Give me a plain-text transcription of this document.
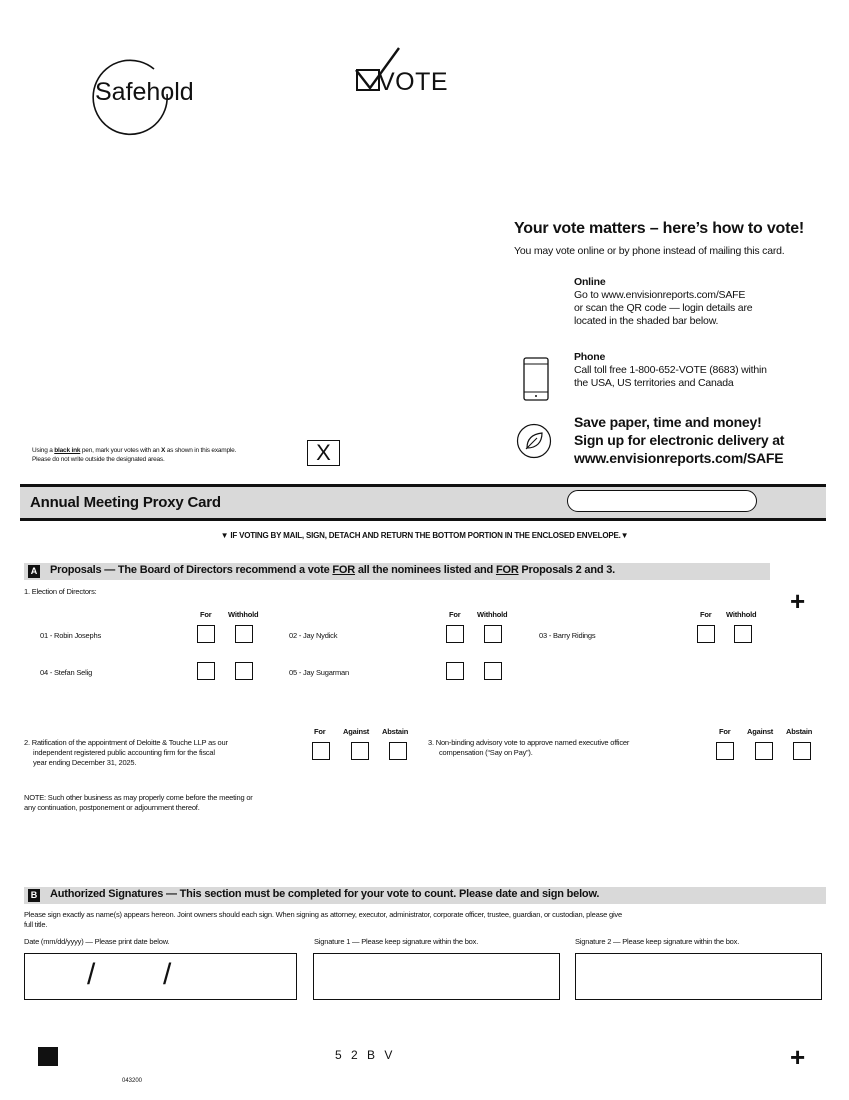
Safehold	VOTE
Your vote matters – here’s how to vote!
You may vote online or by phone instead of mailing this card.
Online
Go to www.envisionreports.com/SAFE
or scan the QR code — login details are
located in the shaded bar below.
Phone
Call toll free 1-800-652-VOTE (8683) within
the USA, US territories and Canada
Save paper, time and money!
Sign up for electronic delivery at
www.envisionreports.com/SAFE
Using a black ink pen, mark your votes with an X as shown in this example.
Please do not write outside the designated areas.	X
Annual Meeting Proxy Card
▼ IF VOTING BY MAIL, SIGN, DETACH AND RETURN THE BOTTOM PORTION IN THE ENCLOSED ENVELOPE.▼
A Proposals — The Board of Directors recommend a vote FOR all the nominees listed and FOR Proposals 2 and 3.
1. Election of Directors:	+
For Withhold	For Withhold	For Withhold
01 - Robin Josephs	02 - Jay Nydick	03 - Barry Ridings
04 - Stefan Selig	05 - Jay Sugarman
2. Ratification of the appointment of Deloitte & Touche LLP as our
independent registered public accounting firm for the fiscal
year ending December 31, 2025.
For Against Abstain
3. Non-binding advisory vote to approve named executive officer
compensation (“Say on Pay”).
For Against Abstain
NOTE: Such other business as may properly come before the meeting or
any continuation, postponement or adjournment thereof.
B Authorized Signatures — This section must be completed for your vote to count. Please date and sign below.
Please sign exactly as name(s) appears hereon. Joint owners should each sign. When signing as attorney, executor, administrator, corporate officer, trustee, guardian, or custodian, please give
full title.
Date (mm/dd/yyyy) — Please print date below.	Signature 1 — Please keep signature within the box.	Signature 2 — Please keep signature within the box.
/ /
5 2 B V	+
043200
